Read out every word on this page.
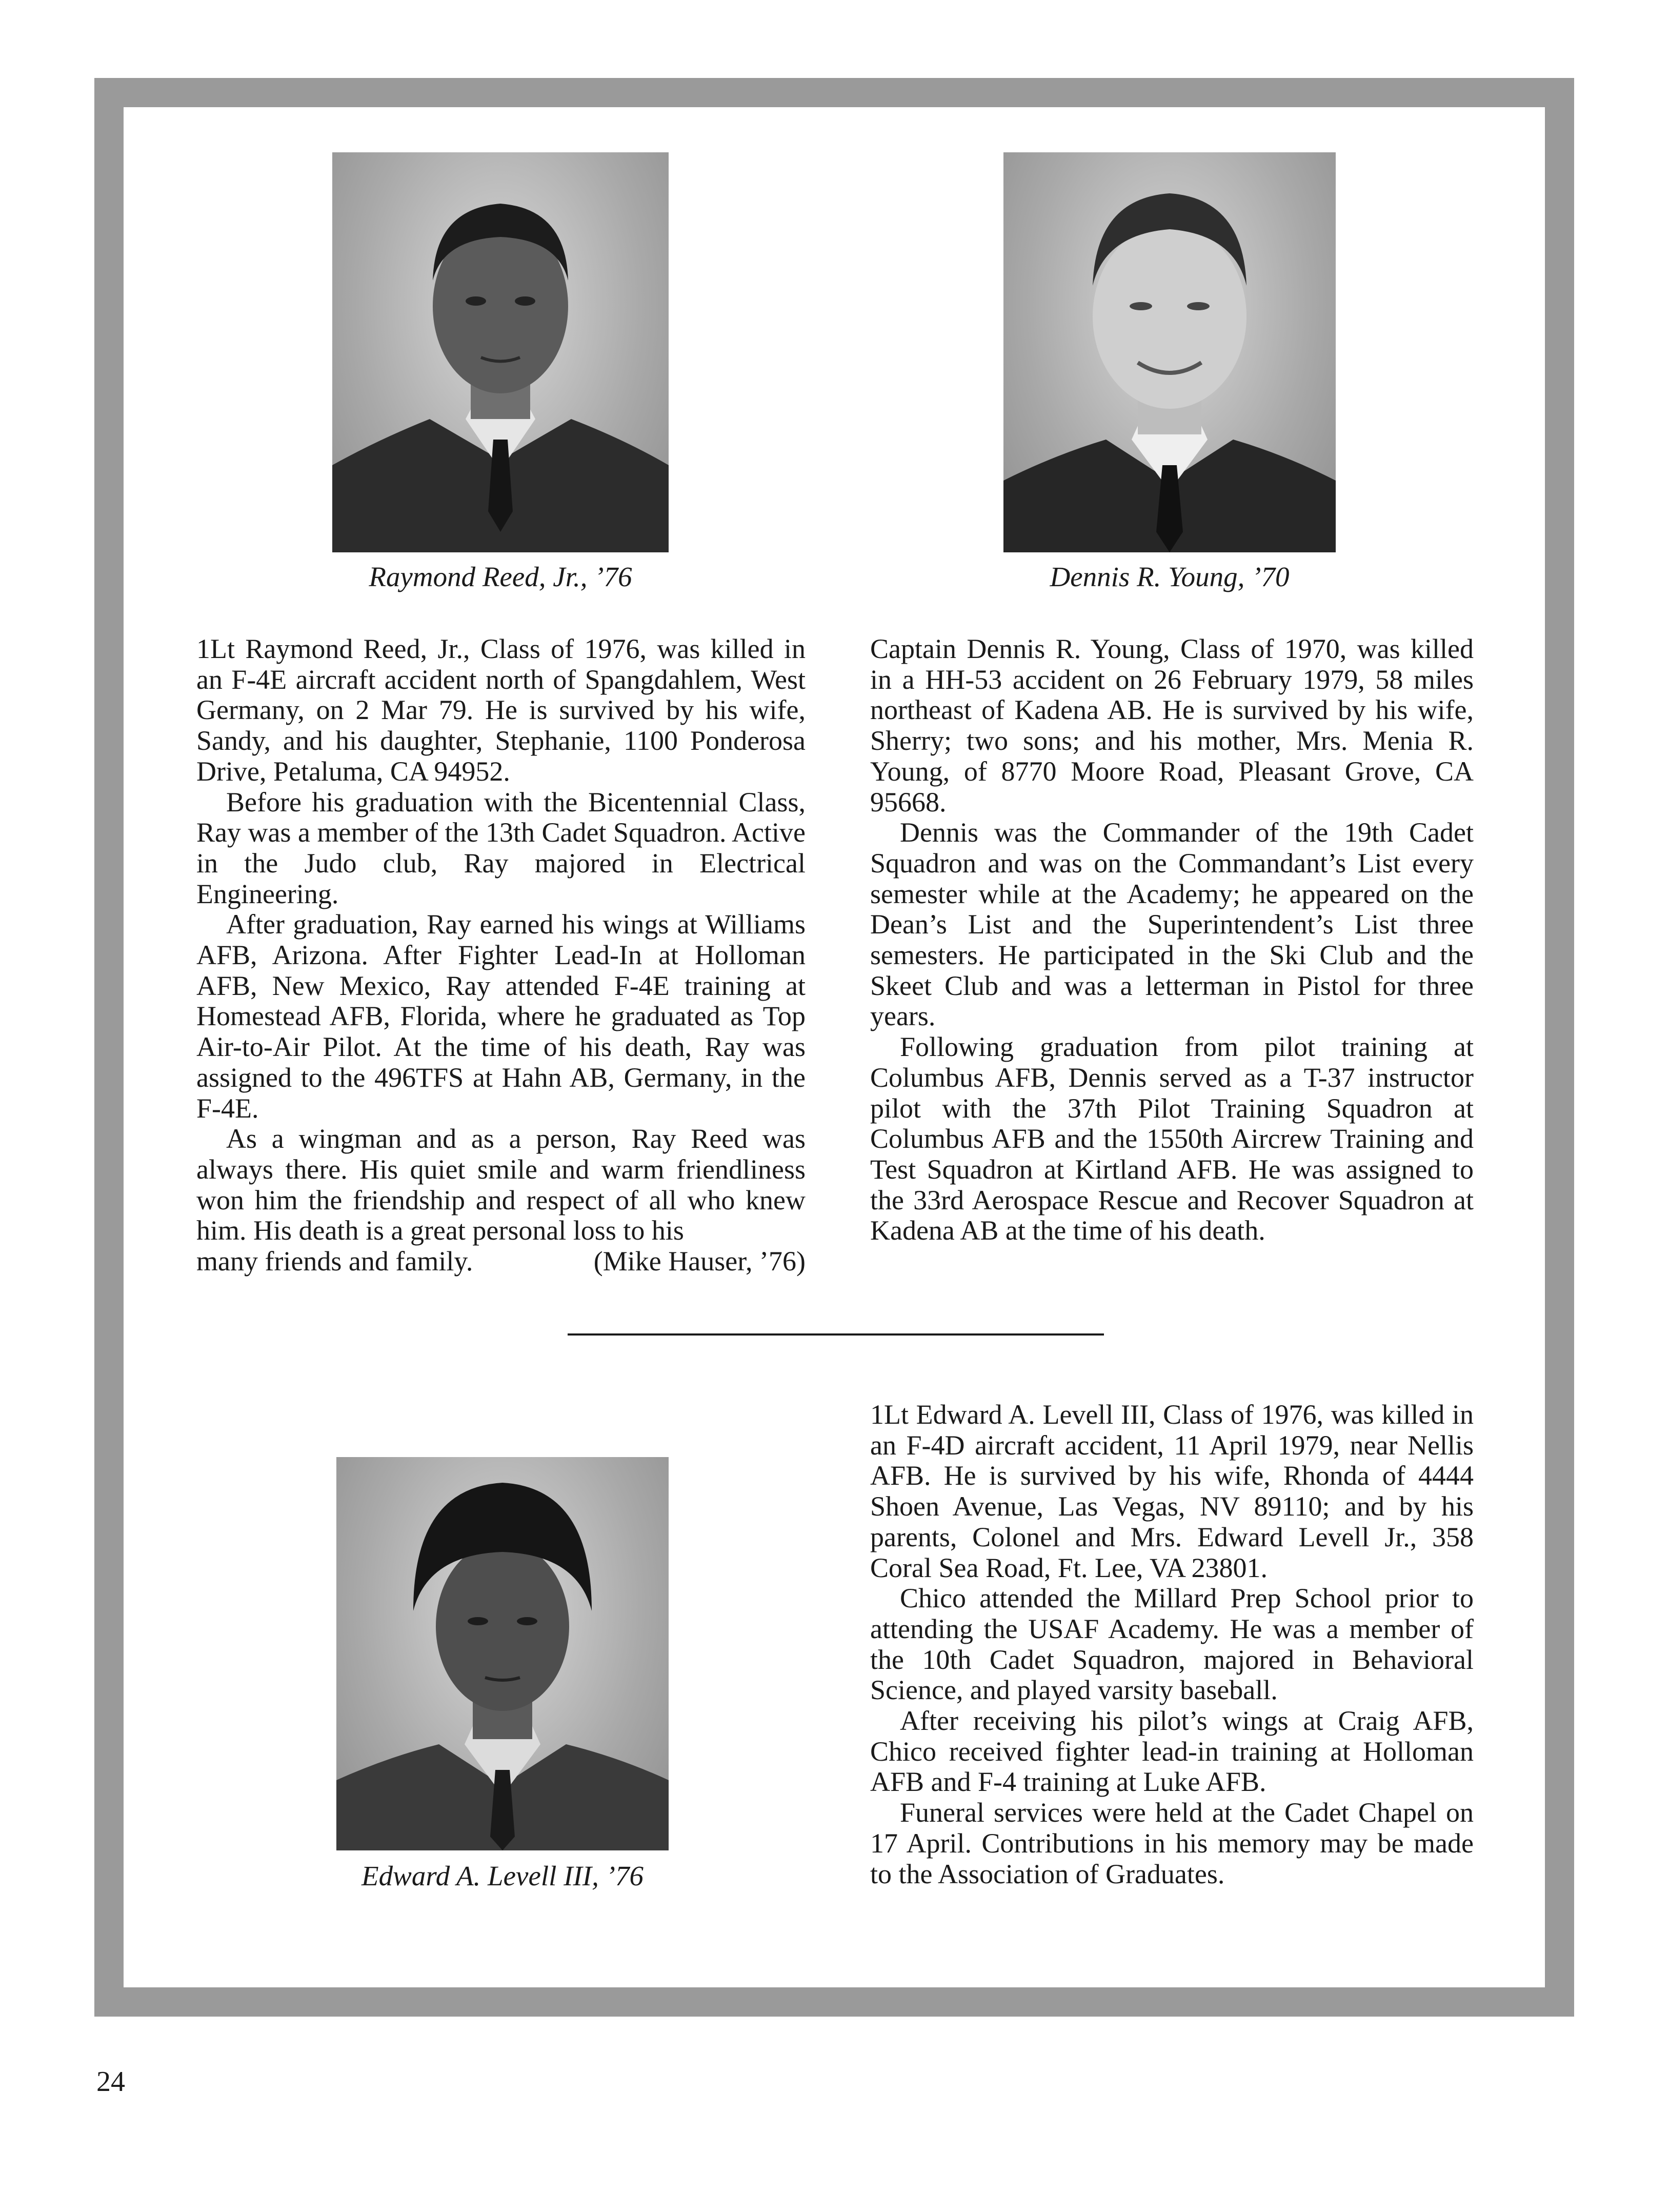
Raymond Reed, Jr., ’76	Dennis R. Young, ’70

1Lt Raymond Reed, Jr., Class of 1976, was killed in an F-4E aircraft accident north of Spangdahlem, West Germany, on 2 Mar 79. He is survived by his wife, Sandy, and his daughter, Stephanie, 1100 Ponderosa Drive, Petaluma, CA 94952.

Before his graduation with the Bicentennial Class, Ray was a member of the 13th Cadet Squadron. Active in the Judo club, Ray majored in Electrical Engineering.

After graduation, Ray earned his wings at Williams AFB, Arizona. After Fighter Lead-In at Holloman AFB, New Mexico, Ray attended F-4E training at Homestead AFB, Florida, where he graduated as Top Air-to-Air Pilot. At the time of his death, Ray was assigned to the 496TFS at Hahn AB, Germany, in the F-4E.

As a wingman and as a person, Ray Reed was always there. His quiet smile and warm friendliness won him the friendship and respect of all who knew him. His death is a great personal loss to his

many friends and family.	(Mike Hauser, ’76)

Captain Dennis R. Young, Class of 1970, was killed in a HH-53 accident on 26 February 1979, 58 miles northeast of Kadena AB. He is survived by his wife, Sherry; two sons; and his mother, Mrs. Menia R. Young, of 8770 Moore Road, Pleasant Grove, CA 95668.

Dennis was the Commander of the 19th Cadet Squadron and was on the Commandant’s List every semester while at the Academy; he appeared on the Dean’s List and the Superintendent’s List three semesters. He participated in the Ski Club and the Skeet Club and was a letterman in Pistol for three years.

Following graduation from pilot training at Columbus AFB, Dennis served as a T-37 instructor pilot with the 37th Pilot Training Squadron at Columbus AFB and the 1550th Aircrew Training and Test Squadron at Kirtland AFB. He was assigned to the 33rd Aerospace Rescue and Recover Squadron at Kadena AB at the time of his death.

Edward A. Levell III, ’76

1Lt Edward A. Levell III, Class of 1976, was killed in an F-4D aircraft accident, 11 April 1979, near Nellis AFB. He is survived by his wife, Rhonda of 4444 Shoen Avenue, Las Vegas, NV 89110; and by his parents, Colonel and Mrs. Edward Levell Jr., 358 Coral Sea Road, Ft. Lee, VA 23801.

Chico attended the Millard Prep School prior to attending the USAF Academy. He was a member of the 10th Cadet Squadron, majored in Behavioral Science, and played varsity baseball.

After receiving his pilot’s wings at Craig AFB, Chico received fighter lead-in training at Holloman AFB and F-4 training at Luke AFB.

Funeral services were held at the Cadet Chapel on 17 April. Contributions in his memory may be made to the Association of Graduates.

24
